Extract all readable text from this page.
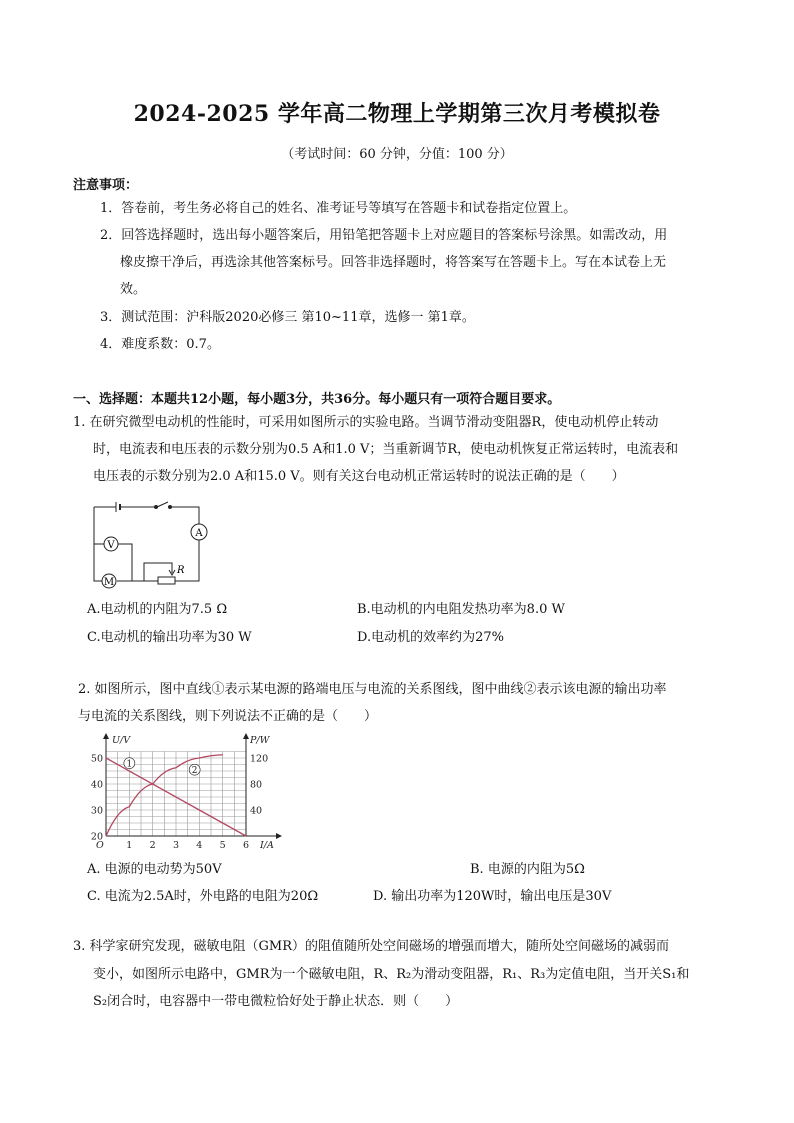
2024-2025 学年高二物理上学期第三次月考模拟卷
（考试时间：60 分钟，分值：100 分）
注意事项：
1．答卷前，考生务必将自己的姓名、准考证号等填写在答题卡和试卷指定位置上。
2．回答选择题时，选出每小题答案后，用铅笔把答题卡上对应题目的答案标号涂黑。如需改动，用
橡皮擦干净后，再选涂其他答案标号。回答非选择题时，将答案写在答题卡上。写在本试卷上无
效。
3．测试范围：沪科版2020必修三 第10~11章，选修一 第1章。
4．难度系数：0.7。
一、选择题：本题共12小题，每小题3分，共36分。每小题只有一项符合题目要求。
1. 在研究微型电动机的性能时，可采用如图所示的实验电路。当调节滑动变阻器R，使电动机停止转动
时，电流表和电压表的示数分别为0.5 A和1.0 V；当重新调节R，使电动机恢复正常运转时，电流表和
电压表的示数分别为2.0 A和15.0 V。则有关这台电动机正常运转时的说法正确的是（　　）
A
V
M
R
A.电动机的内阻为7.5 Ω	B.电动机的内电阻发热功率为8.0 W
C.电动机的输出功率为30 W	D.电动机的效率约为27%
2. 如图所示，图中直线①表示某电源的路端电压与电流的关系图线，图中曲线②表示该电源的输出功率
与电流的关系图线，则下列说法不正确的是（　　）
1 2 3 4 5 6
20
30
40
50
40
80
120
O	I/A
U/V	P/W
1
2
A. 电源的电动势为50V	B. 电源的内阻为5Ω
C. 电流为2.5A时，外电路的电阻为20Ω	D. 输出功率为120W时，输出电压是30V
3. 科学家研究发现，磁敏电阻（GMR）的阻值随所处空间磁场的增强而增大，随所处空间磁场的减弱而
变小，如图所示电路中，GMR为一个磁敏电阻，R、R₂为滑动变阻器，R₁、R₃为定值电阻，当开关S₁和
S₂闭合时，电容器中一带电微粒恰好处于静止状态．则（　　）
